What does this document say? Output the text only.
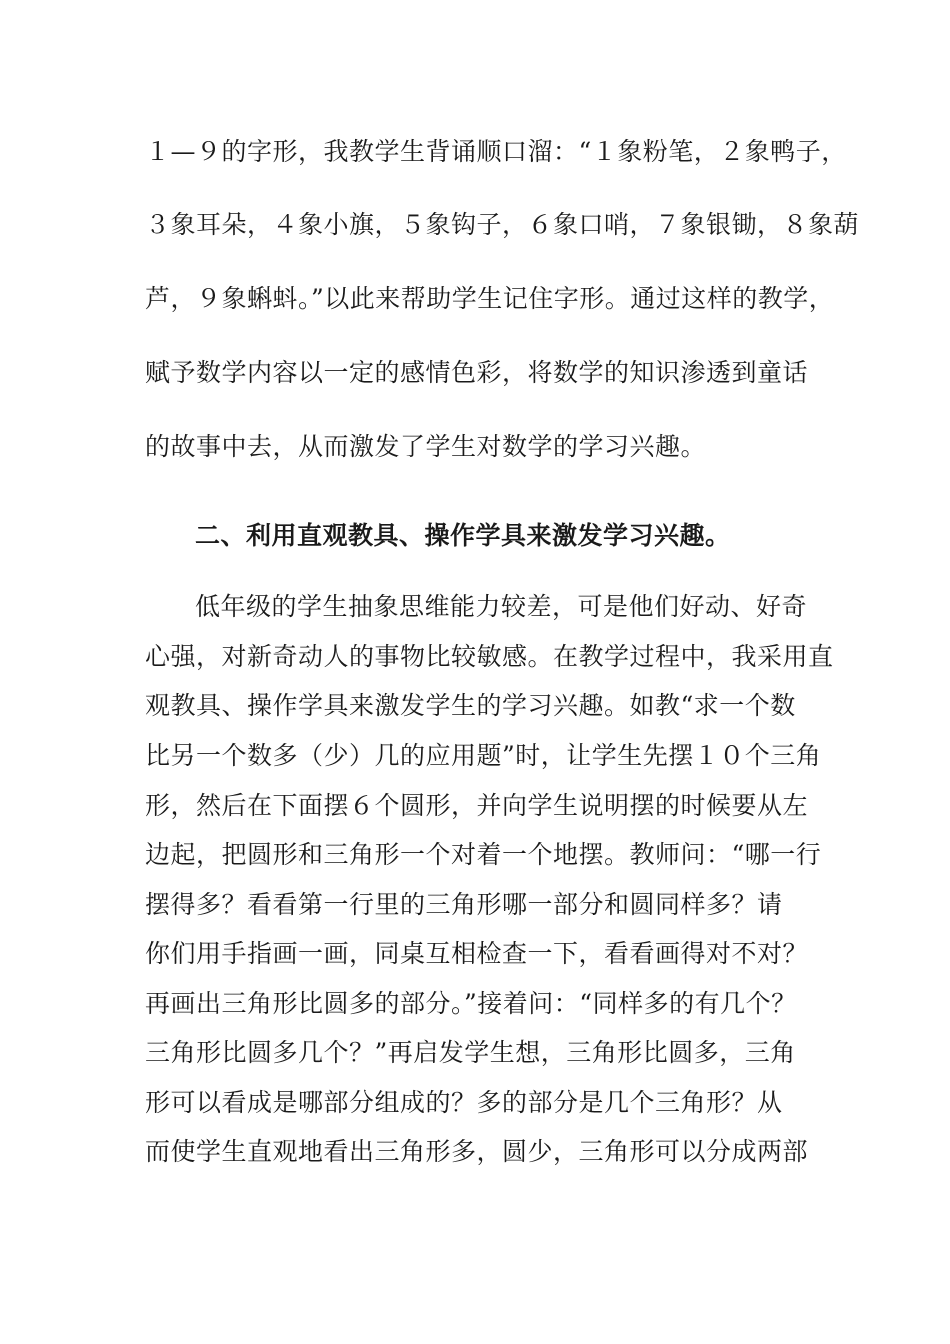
１—９的字形，我教学生背诵顺口溜：“１象粉笔，２象鸭子，
３象耳朵，４象小旗，５象钩子，６象口哨，７象银锄，８象葫
芦，９象蝌蚪。”以此来帮助学生记住字形。通过这样的教学，
赋予数学内容以一定的感情色彩，将数学的知识渗透到童话
的故事中去，从而激发了学生对数学的学习兴趣。
二、利用直观教具、操作学具来激发学习兴趣。
低年级的学生抽象思维能力较差，可是他们好动、好奇
心强，对新奇动人的事物比较敏感。在教学过程中，我采用直
观教具、操作学具来激发学生的学习兴趣。如教“求一个数
比另一个数多（少）几的应用题”时，让学生先摆１０个三角
形，然后在下面摆６个圆形，并向学生说明摆的时候要从左
边起，把圆形和三角形一个对着一个地摆。教师问：“哪一行
摆得多？看看第一行里的三角形哪一部分和圆同样多？请
你们用手指画一画，同桌互相检查一下，看看画得对不对？
再画出三角形比圆多的部分。”接着问：“同样多的有几个？
三角形比圆多几个？”再启发学生想，三角形比圆多，三角
形可以看成是哪部分组成的？多的部分是几个三角形？从
而使学生直观地看出三角形多，圆少，三角形可以分成两部
